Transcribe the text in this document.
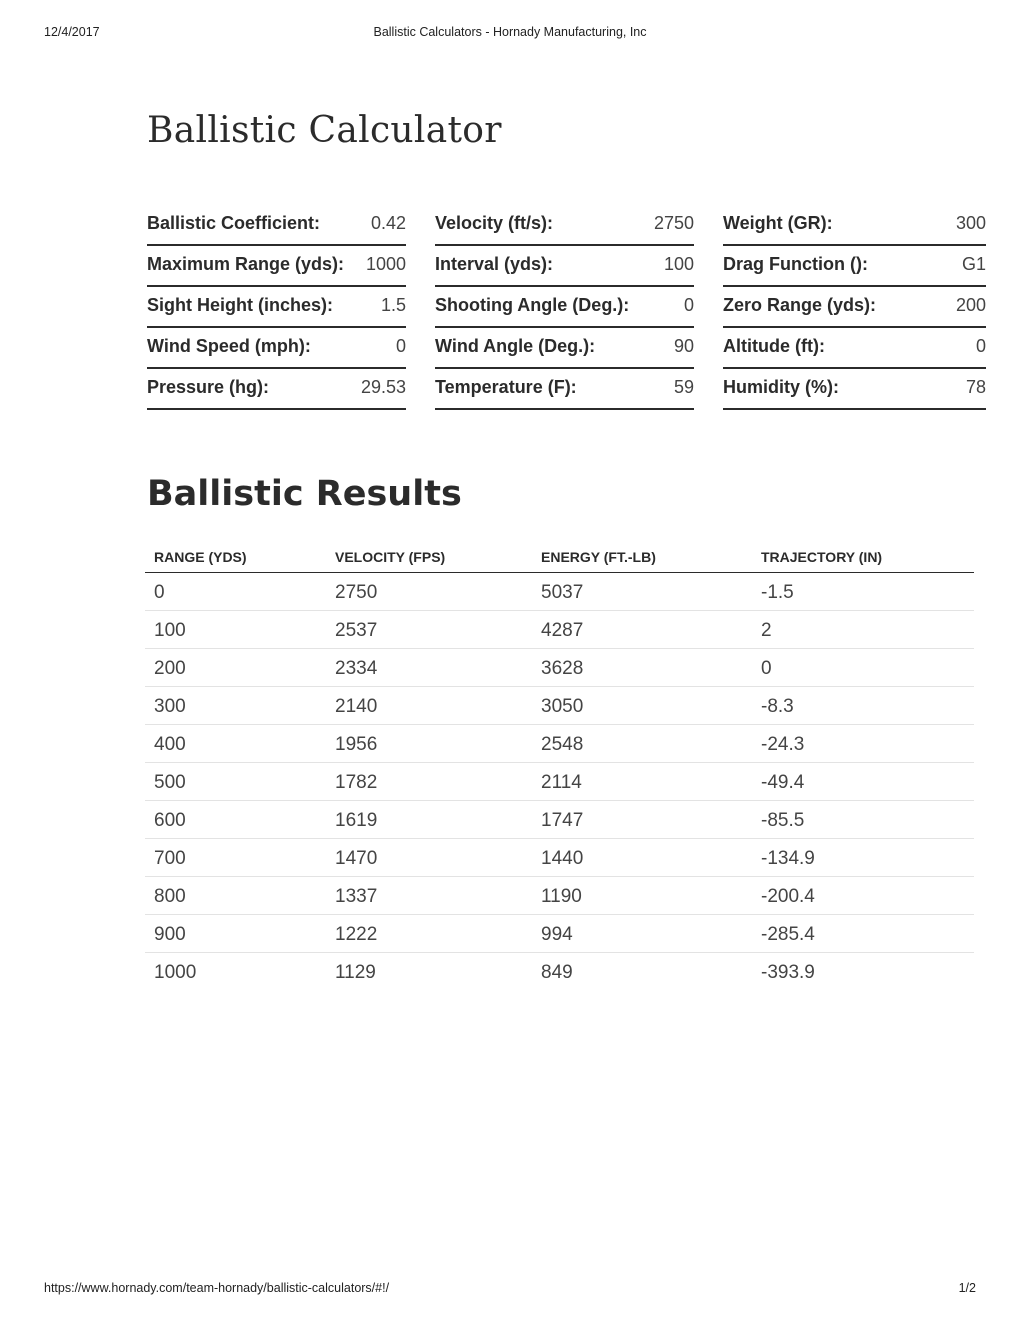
12/4/2017	Ballistic Calculators - Hornady Manufacturing, Inc
Ballistic Calculator
Ballistic Coefficient:	0.42 Velocity (ft/s):	2750 Weight (GR):	300
Maximum Range (yds): 1000 Interval (yds):	100 Drag Function ():	G1
Sight Height (inches):	1.5 Shooting Angle (Deg.):	0 Zero Range (yds):	200
Wind Speed (mph):	0 Wind Angle (Deg.):	90 Altitude (ft):	0
Pressure (hg):	29.53 Temperature (F):	59 Humidity (%):	78
Ballistic Results
RANGE (YDS)	VELOCITY (FPS)	ENERGY (FT.-LB)	TRAJECTORY (IN)
0	2750	5037	-1.5
100	2537	4287	2
200	2334	3628	0
300	2140	3050	-8.3
400	1956	2548	-24.3
500	1782	2114	-49.4
600	1619	1747	-85.5
700	1470	1440	-134.9
800	1337	1190	-200.4
900	1222	994	-285.4
1000	1129	849	-393.9
https://www.hornady.com/team-hornady/ballistic-calculators/#!/	1/2
